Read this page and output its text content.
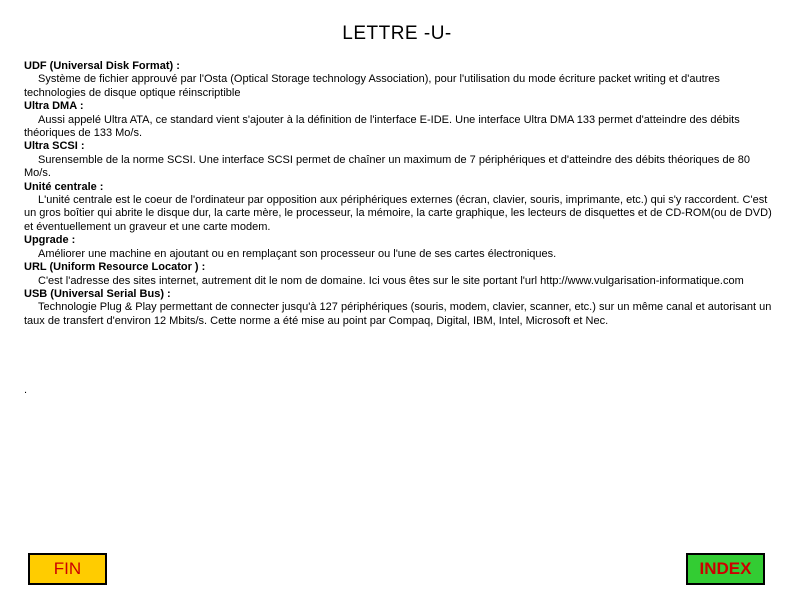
LETTRE -U-
UDF (Universal Disk Format) :
Système de fichier approuvé par l'Osta (Optical Storage technology Association), pour l'utilisation du mode écriture packet writing et d'autres technologies de disque optique réinscriptible
Ultra DMA :
Aussi appelé Ultra ATA, ce standard vient s'ajouter à la définition de l'interface E-IDE. Une interface Ultra DMA 133 permet d'atteindre des débits théoriques de 133 Mo/s.
Ultra SCSI :
Surensemble de la norme SCSI. Une interface SCSI permet de chaîner un maximum de 7 périphériques et d'atteindre des débits théoriques de 80 Mo/s.
Unité centrale :
L'unité centrale est le coeur de l'ordinateur par opposition aux périphériques externes (écran, clavier, souris, imprimante, etc.) qui s'y raccordent. C'est un gros boîtier qui abrite le disque dur, la carte mère, le processeur, la mémoire, la carte graphique, les lecteurs de disquettes et de CD-ROM(ou de DVD) et éventuellement un graveur et une carte modem.
Upgrade :
Améliorer une machine en ajoutant ou en remplaçant son processeur ou l'une de ses cartes électroniques.
URL (Uniform Resource Locator ) :
C'est l'adresse des sites internet, autrement dit le nom de domaine. Ici vous êtes sur le site portant l'url http://www.vulgarisation-informatique.com
USB (Universal Serial Bus) :
Technologie Plug & Play permettant de connecter jusqu'à 127 périphériques (souris, modem, clavier, scanner, etc.) sur un même canal et autorisant un taux de transfert d'environ 12 Mbits/s. Cette norme a été mise au point par Compaq, Digital, IBM, Intel, Microsoft et Nec.
.
FIN	INDEX
